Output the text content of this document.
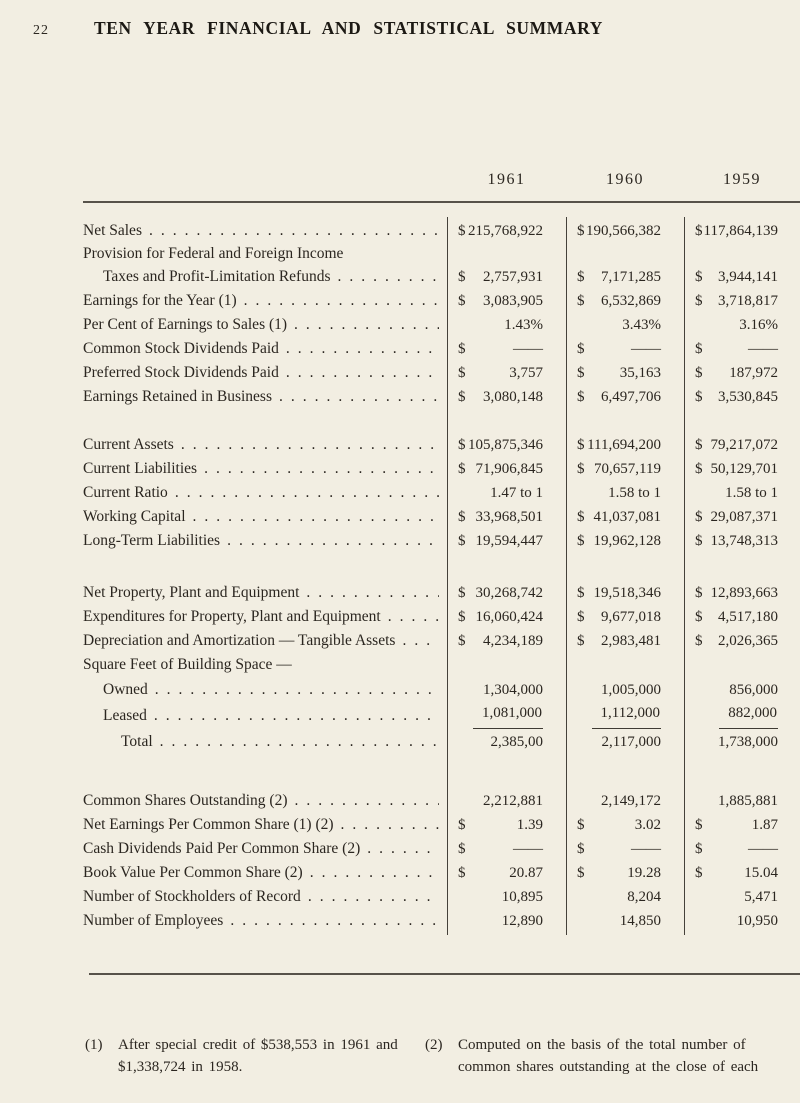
22	TEN YEAR FINANCIAL AND STATISTICAL SUMMARY
1961	1960	1959
Net Sales .....	$ 215,768,922 $ 190,566,382 $ 117,864,139
Provision for Federal and Foreign Income
Taxes and Profit-Limitation Refunds .....	$ 2,757,931 $ 7,171,285 $ 3,944,141
Earnings for the Year (1) .....	$ 3,083,905 $ 6,532,869 $ 3,718,817
Per Cent of Earnings to Sales (1) .....	1.43%	3.43%	3.16%
Common Stock Dividends Paid .....	$	—— $	—— $	——
Preferred Stock Dividends Paid .....	$	3,757 $ 35,163 $ 187,972
Earnings Retained in Business .....	$ 3,080,148 $ 6,497,706 $ 3,530,845
Current Assets .....	$ 105,875,346 $ 111,694,200 $ 79,217,072
Current Liabilities .....	$ 71,906,845 $ 70,657,119 $ 50,129,701
Current Ratio .....	1.47 to 1	1.58 to 1	1.58 to 1
Working Capital .....	$ 33,968,501 $ 41,037,081 $ 29,087,371
Long-Term Liabilities .....	$ 19,594,447 $ 19,962,128 $ 13,748,313
Net Property, Plant and Equipment .....	$ 30,268,742 $ 19,518,346 $ 12,893,663
Expenditures for Property, Plant and Equipment .....	$ 16,060,424 $ 9,677,018 $ 4,517,180
Depreciation and Amortization — Tangible Assets .....	$ 4,234,189 $ 2,983,481 $ 2,026,365
Square Feet of Building Space —
Owned .....	1,304,000	1,005,000	856,000
Leased .....	1,081,000	1,112,000	882,000
Total .....	2,385,00	2,117,000	1,738,000
Common Shares Outstanding (2) .....	2,212,881	2,149,172	1,885,881
Net Earnings Per Common Share (1) (2) .....	$	1.39 $	3.02 $	1.87
Cash Dividends Paid Per Common Share (2) .....	$	—— $	—— $	——
Book Value Per Common Share (2) .....	$	20.87 $	19.28 $	15.04
Number of Stockholders of Record .....	10,895	8,204	5,471
Number of Employees .....	12,890	14,850	10,950
(1)	After special credit of $538,553 in 1961 and
$1,338,724 in 1958.
(2)	Computed on the basis of the total number of
common shares outstanding at the close of each
